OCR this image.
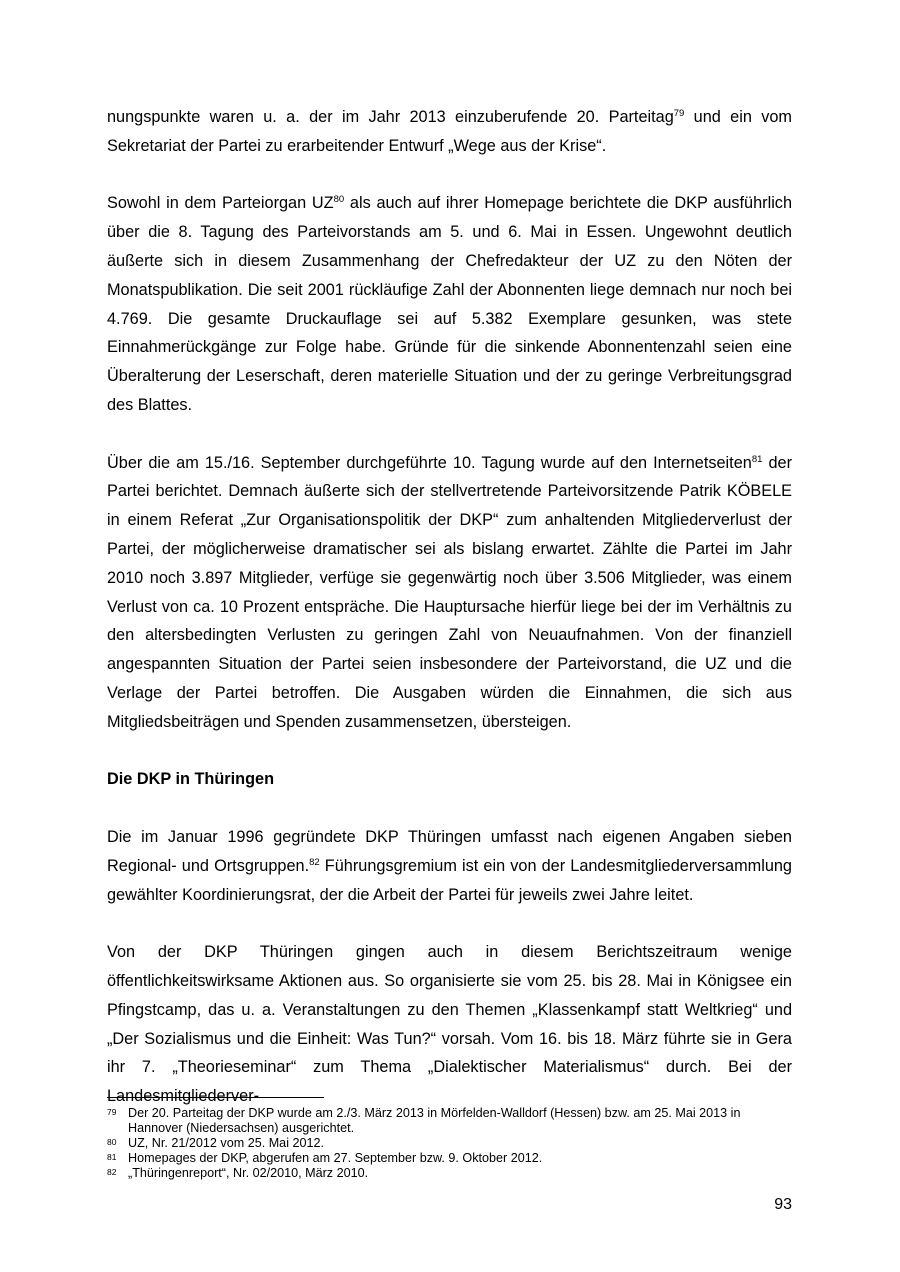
nungspunkte waren u. a. der im Jahr 2013 einzuberufende 20. Parteitag$^{79}$ und ein vom Sekretariat der Partei zu erarbeitender Entwurf „Wege aus der Krise“.

Sowohl in dem Parteiorgan UZ$^{80}$ als auch auf ihrer Homepage berichtete die DKP ausführlich über die 8. Tagung des Parteivorstands am 5. und 6. Mai in Essen. Ungewohnt deutlich äußerte sich in diesem Zusammenhang der Chefredakteur der UZ zu den Nöten der Monatspublikation. Die seit 2001 rückläufige Zahl der Abonnenten liege demnach nur noch bei 4.769. Die gesamte Druckauflage sei auf 5.382 Exemplare gesunken, was stete Einnahmerückgänge zur Folge habe. Gründe für die sinkende Abonnentenzahl seien eine Überalterung der Leserschaft, deren materielle Situation und der zu geringe Verbreitungsgrad des Blattes.

Über die am 15./16. September durchgeführte 10. Tagung wurde auf den Internetseiten$^{81}$ der Partei berichtet. Demnach äußerte sich der stellvertretende Parteivorsitzende Patrik KÖBELE in einem Referat „Zur Organisationspolitik der DKP“ zum anhaltenden Mitgliederverlust der Partei, der möglicherweise dramatischer sei als bislang erwartet. Zählte die Partei im Jahr 2010 noch 3.897 Mitglieder, verfüge sie gegenwärtig noch über 3.506 Mitglieder, was einem Verlust von ca. 10 Prozent entspräche. Die Hauptursache hierfür liege bei der im Verhältnis zu den altersbedingten Verlusten zu geringen Zahl von Neuaufnahmen. Von der finanziell angespannten Situation der Partei seien insbesondere der Parteivorstand, die UZ und die Verlage der Partei betroffen. Die Ausgaben würden die Einnahmen, die sich aus Mitgliedsbeiträgen und Spenden zusammensetzen, übersteigen.

Die DKP in Thüringen

Die im Januar 1996 gegründete DKP Thüringen umfasst nach eigenen Angaben sieben Regional- und Ortsgruppen.$^{82}$ Führungsgremium ist ein von der Landesmitgliederversammlung gewählter Koordinierungsrat, der die Arbeit der Partei für jeweils zwei Jahre leitet.

Von der DKP Thüringen gingen auch in diesem Berichtszeitraum wenige öffentlichkeitswirksame Aktionen aus. So organisierte sie vom 25. bis 28. Mai in Königsee ein Pfingstcamp, das u. a. Veranstaltungen zu den Themen „Klassenkampf statt Weltkrieg“ und „Der Sozialismus und die Einheit: Was Tun?“ vorsah. Vom 16. bis 18. März führte sie in Gera ihr 7. „Theorieseminar“ zum Thema „Dialektischer Materialismus“ durch. Bei der Landesmitgliederver-

79 Der 20. Parteitag der DKP wurde am 2./3. März 2013 in Mörfelden-Walldorf (Hessen) bzw. am 25. Mai 2013 in Hannover (Niedersachsen) ausgerichtet.
80 UZ, Nr. 21/2012 vom 25. Mai 2012.
81 Homepages der DKP, abgerufen am 27. September bzw. 9. Oktober 2012.
82 „Thüringenreport“, Nr. 02/2010, März 2010.
93
